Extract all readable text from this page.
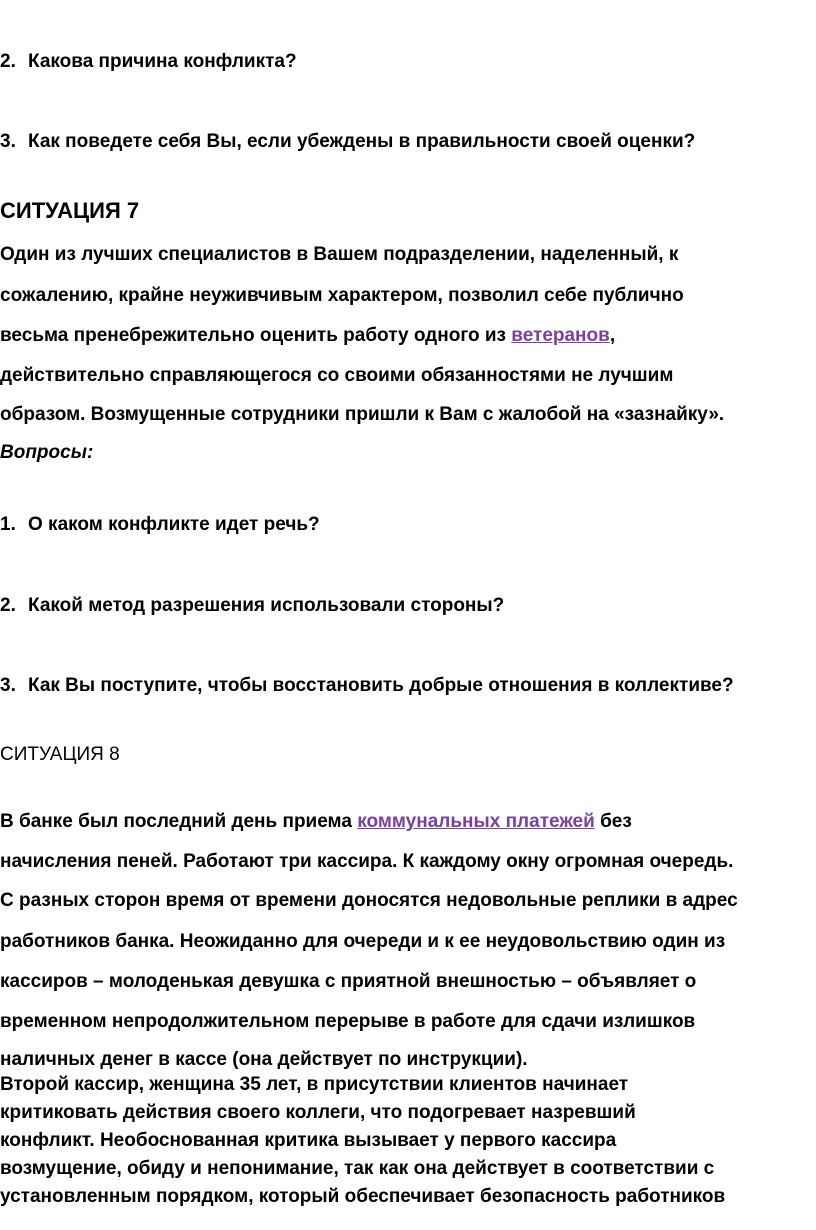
2. Какова причина конфликта?
3. Как поведете себя Вы, если убеждены в правильности своей оценки?
СИТУАЦИЯ 7
Один из лучших специалистов в Вашем подразделении, наделенный, к
сожалению, крайне неуживчивым характером, позволил себе публично
весьма пренебрежительно оценить работу одного из ветеранов,
действительно справляющегося со своими обязанностями не лучшим
образом. Возмущенные сотрудники пришли к Вам с жалобой на «зазнайку».
Вопросы:
1. О каком конфликте идет речь?
2. Какой метод разрешения использовали стороны?
3. Как Вы поступите, чтобы восстановить добрые отношения в коллективе?
СИТУАЦИЯ 8
В банке был последний день приема коммунальных платежей без
начисления пеней. Работают три кассира. К каждому окну огромная очередь.
С разных сторон время от времени доносятся недовольные реплики в адрес
работников банка. Неожиданно для очереди и к ее неудовольствию один из
кассиров – молоденькая девушка с приятной внешностью – объявляет о
временном непродолжительном перерыве в работе для сдачи излишков
наличных денег в кассе (она действует по инструкции).
Второй кассир, женщина 35 лет, в присутствии клиентов начинает
критиковать действия своего коллеги, что подогревает назревший
конфликт. Необоснованная критика вызывает у первого кассира
возмущение, обиду и непонимание, так как она действует в соответствии с
установленным порядком, который обеспечивает безопасность работников
